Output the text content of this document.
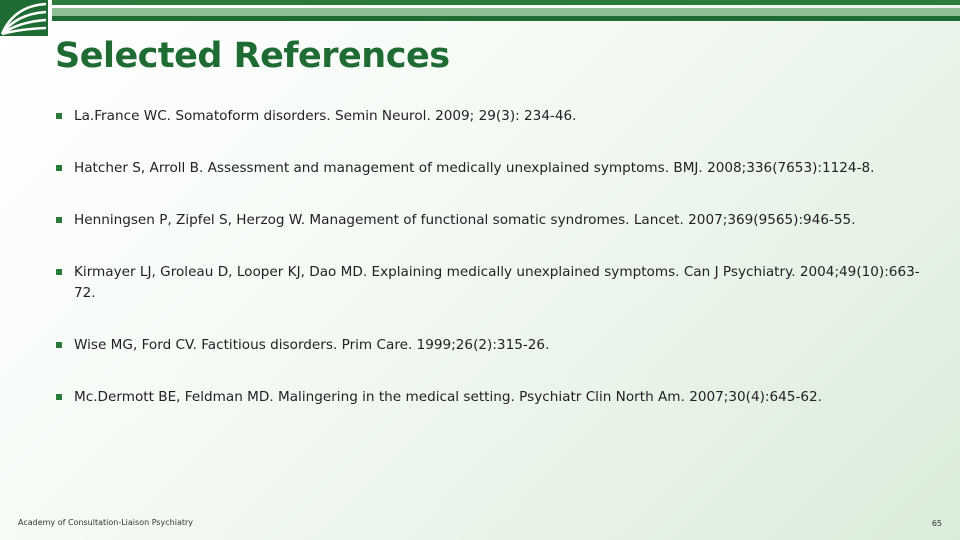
Selected References
La.France WC. Somatoform disorders. Semin Neurol. 2009; 29(3): 234-46.
Hatcher S, Arroll B. Assessment and management of medically unexplained symptoms. BMJ. 2008;336(7653):1124-8.
Henningsen P, Zipfel S, Herzog W. Management of functional somatic syndromes. Lancet. 2007;369(9565):946-55.
Kirmayer LJ, Groleau D, Looper KJ, Dao MD. Explaining medically unexplained symptoms. Can J Psychiatry. 2004;49(10):663-72.
Wise MG, Ford CV. Factitious disorders. Prim Care. 1999;26(2):315-26.
Mc.Dermott BE, Feldman MD. Malingering in the medical setting. Psychiatr Clin North Am. 2007;30(4):645-62.
Academy of Consultation-Liaison Psychiatry	65
